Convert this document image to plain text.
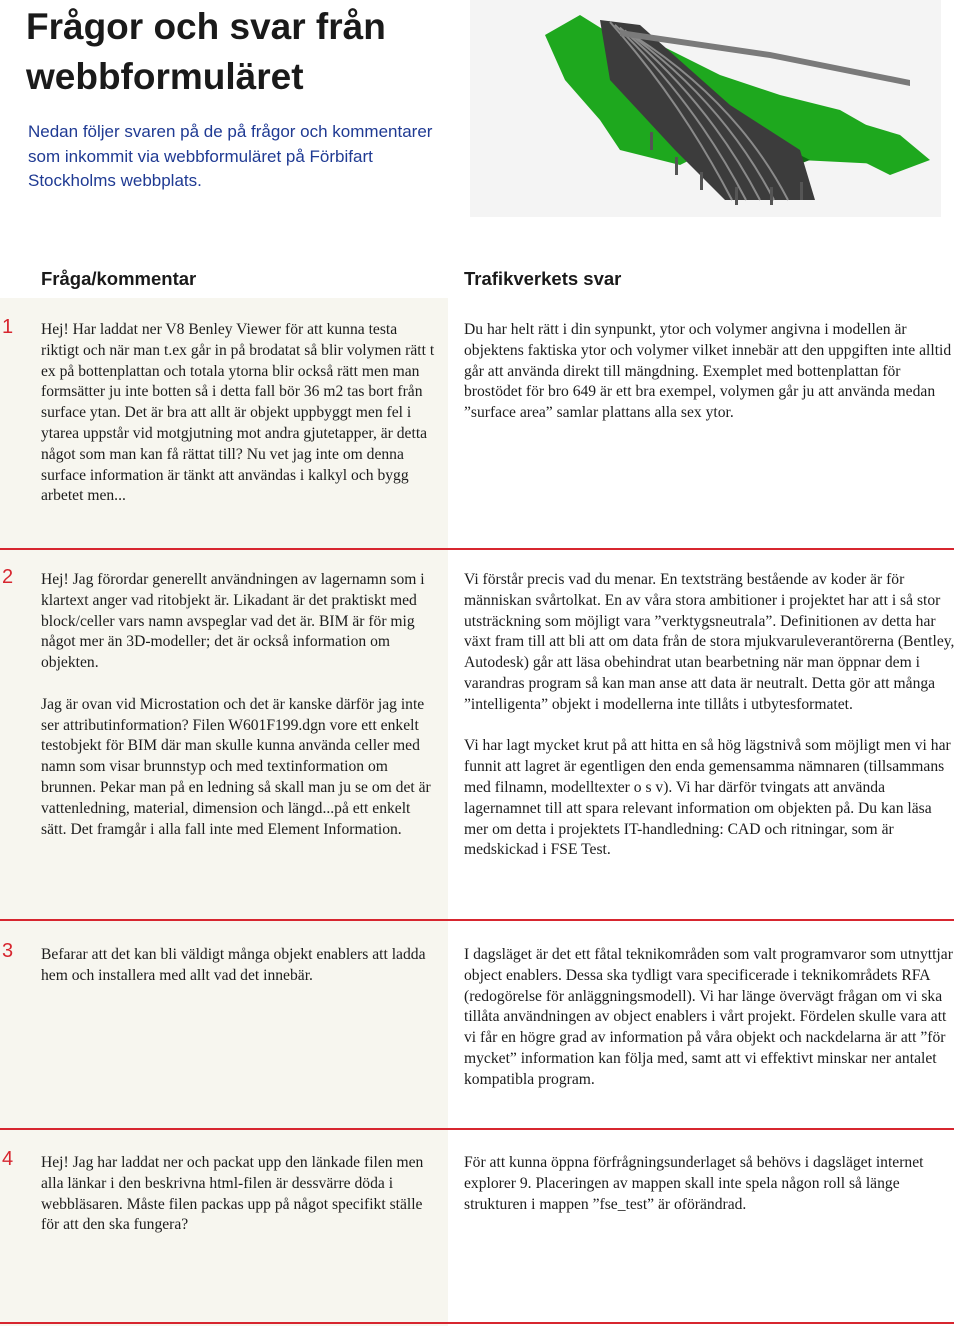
Frågor och svar från webbformuläret

Nedan följer svaren på de på frågor och kommentarer som inkommit via webbformuläret på Förbifart Stockholms webbplats.

Fråga/kommentar	Trafikverkets svar
1 Hej! Har laddat ner V8 Benley Viewer för att kunna testa riktigt och när man t.ex går in på brodatat så blir volymen rätt t ex på bottenplattan och totala ytorna blir också rätt men man formsätter ju inte botten så i detta fall bör 36 m2 tas bort från surface ytan. Det är bra att allt är objekt uppbyggt men fel i ytarea uppstår vid motgjutning mot andra gjutetapper, är detta något som man kan få rättat till? Nu vet jag inte om denna surface information är tänkt att användas i kalkyl och bygg arbetet men...

Du har helt rätt i din synpunkt, ytor och volymer angivna i modellen är objektens faktiska ytor och volymer vilket innebär att den uppgiften inte alltid går att använda direkt till mängdning. Exemplet med bottenplattan för brostödet för bro 649 är ett bra exempel, volymen går ju att använda medan ”surface area” samlar plattans alla sex ytor.

2 Hej! Jag förordar generellt användningen av lagernamn som i klartext anger vad ritobjekt är. Likadant är det praktiskt med block/celler vars namn avspeglar vad det är. BIM är för mig något mer än 3D-modeller; det är också information om objekten.

Jag är ovan vid Microstation och det är kanske därför jag inte ser attributinformation? Filen W601F199.dgn vore ett enkelt testobjekt för BIM där man skulle kunna använda celler med namn som visar brunnstyp och med textinformation om brunnen. Pekar man på en ledning så skall man ju se om det är vattenledning, material, dimension och längd...på ett enkelt sätt. Det framgår i alla fall inte med Element Information.

Vi förstår precis vad du menar. En textsträng bestående av koder är för människan svårtolkat. En av våra stora ambitioner i projektet har att i så stor utsträckning som möjligt vara ”verktygsneutrala”. Definitionen av detta har växt fram till att bli att om data från de stora mjukvaruleverantörerna (Bentley, Autodesk) går att läsa obehindrat utan bearbetning när man öppnar dem i varandras program så kan man anse att data är neutralt. Detta gör att många ”intelligenta” objekt i modellerna inte tillåts i utbytesformatet.

Vi har lagt mycket krut på att hitta en så hög lägstnivå som möjligt men vi har funnit att lagret är egentligen den enda gemensamma nämnaren (tillsammans med filnamn, modelltexter o s v). Vi har därför tvingats att använda lagernamnet till att spara relevant information om objekten på. Du kan läsa mer om detta i projektets IT-handledning: CAD och ritningar, som är medskickad i FSE Test.

3 Befarar att det kan bli väldigt många objekt enablers att ladda hem och installera med allt vad det innebär.

I dagsläget är det ett fåtal teknikområden som valt programvaror som utnyttjar object enablers. Dessa ska tydligt vara specificerade i teknikområdets RFA (redogörelse för anläggningsmodell). Vi har länge övervägt frågan om vi ska tillåta användningen av object enablers i vårt projekt. Fördelen skulle vara att vi får en högre grad av information på våra objekt och nackdelarna är att ”för mycket” information kan följa med, samt att vi effektivt minskar ner antalet kompatibla program.

4 Hej! Jag har laddat ner och packat upp den länkade filen men alla länkar i den beskrivna html-filen är dessvärre döda i webbläsaren. Måste filen packas upp på något specifikt ställe för att den ska fungera?

För att kunna öppna förfrågningsunderlaget så behövs i dagsläget internet explorer 9. Placeringen av mappen skall inte spela någon roll så länge strukturen i mappen ”fse_test” är oförändrad.
